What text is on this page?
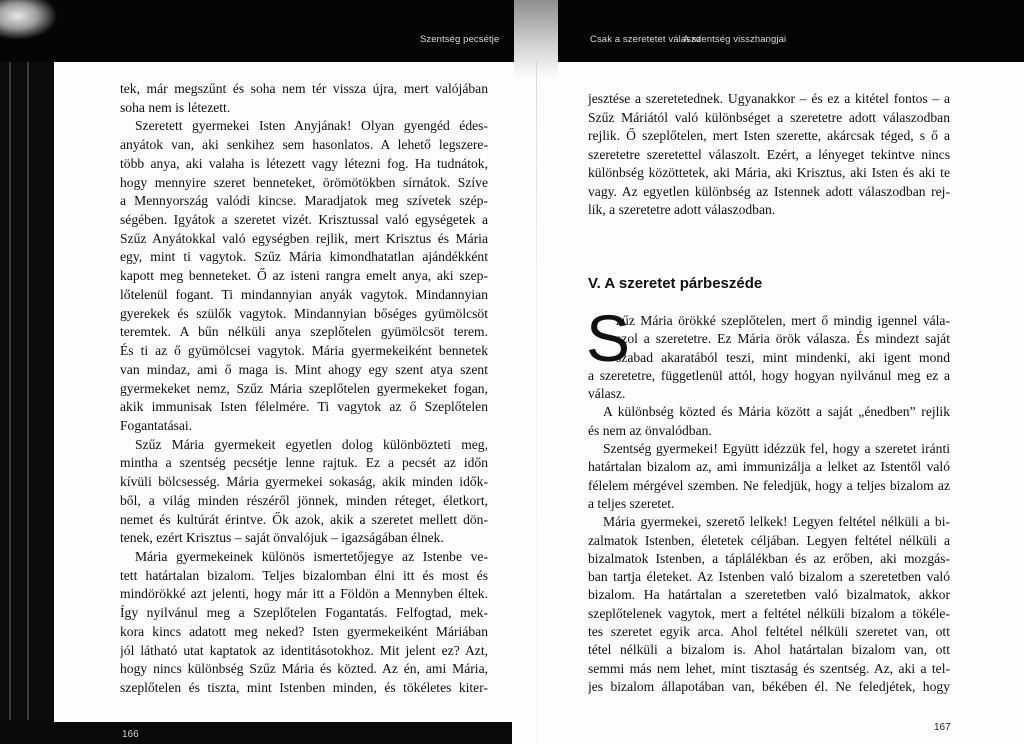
Szentség pecsétje	Csak a szeretetet válaszd
A szentség visszhangjai
tek, már megszűnt és soha nem tér vissza újra, mert valójában
soha nem is létezett.
Szeretett gyermekei Isten Anyjának! Olyan gyengéd édes-
anyátok van, aki senkihez sem hasonlatos. A lehető legszere-
több anya, aki valaha is létezett vagy létezni fog. Ha tudnátok,
hogy mennyire szeret benneteket, örömötökben sírnátok. Szíve
a Mennyország valódi kincse. Maradjatok meg szívetek szép-
ségében. Igyátok a szeretet vizét. Krisztussal való egységetek a
Szűz Anyátokkal való egységben rejlik, mert Krisztus és Mária
egy, mint ti vagytok. Szűz Mária kimondhatatlan ajándékként
kapott meg benneteket. Ő az isteni rangra emelt anya, aki szep-
lőtelenül fogant. Ti mindannyian anyák vagytok. Mindannyian
gyerekek és szülők vagytok. Mindannyian bőséges gyümölcsöt
teremtek. A bűn nélküli anya szeplőtelen gyümölcsöt terem.
És ti az ő gyümölcsei vagytok. Mária gyermekeiként bennetek
van mindaz, ami ő maga is. Mint ahogy egy szent atya szent
gyermekeket nemz, Szűz Mária szeplőtelen gyermekeket fogan,
akik immunisak Isten félelmére. Ti vagytok az ő Szeplőtelen
Fogantatásai.
Szűz Mária gyermekeit egyetlen dolog különbözteti meg,
mintha a szentség pecsétje lenne rajtuk. Ez a pecsét az időn
kívüli bölcsesség. Mária gyermekei sokaság, akik minden idők-
ből, a világ minden részéről jönnek, minden réteget, életkort,
nemet és kultúrát érintve. Ők azok, akik a szeretet mellett dön-
tenek, ezért Krisztus – saját önvalójuk – igazságában élnek.
Mária gyermekeinek különös ismertetőjegye az Istenbe ve-
tett határtalan bizalom. Teljes bizalomban élni itt és most és
mindörökké azt jelenti, hogy már itt a Földön a Mennyben éltek.
Így nyilvánul meg a Szeplőtelen Fogantatás. Felfogtad, mek-
kora kincs adatott meg neked? Isten gyermekeiként Máriában
jól látható utat kaptatok az identitásotokhoz. Mit jelent ez? Azt,
hogy nincs különbség Szűz Mária és közted. Az én, ami Mária,
szeplőtelen és tiszta, mint Istenben minden, és tökéletes kiter-
166
jesztése a szeretetednek. Ugyanakkor – és ez a kitétel fontos – a
Szűz Máriától való különbséget a szeretetre adott válaszodban
rejlik. Ő szeplőtelen, mert Isten szerette, akárcsak téged, s ő a
szeretetre szeretettel válaszolt. Ezért, a lényeget tekintve nincs
különbség közöttetek, aki Mária, aki Krisztus, aki Isten és aki te
vagy. Az egyetlen különbség az Istennek adott válaszodban rej-
lik, a szeretetre adott válaszodban.
V. A szeretet párbeszéde
S
zűz Mária örökké szeplőtelen, mert ő mindig igennel vála-
szol a szeretetre. Ez Mária örök válasza. És mindezt saját
szabad akaratából teszi, mint mindenki, aki igent mond
a szeretetre, függetlenül attól, hogy hogyan nyilvánul meg ez a
válasz.
A különbség közted és Mária között a saját „énedben” rejlik
és nem az önvalódban.
Szentség gyermekei! Együtt idézzük fel, hogy a szeretet iránti
határtalan bizalom az, ami immunizálja a lelket az Istentől való
félelem mérgével szemben. Ne feledjük, hogy a teljes bizalom az
a teljes szeretet.
Mária gyermekei, szerető lelkek! Legyen feltétel nélküli a bi-
zalmatok Istenben, életetek céljában. Legyen feltétel nélküli a
bizalmatok Istenben, a táplálékban és az erőben, aki mozgás-
ban tartja életeket. Az Istenben való bizalom a szeretetben való
bizalom. Ha határtalan a szeretetben való bizalmatok, akkor
szeplőtelenek vagytok, mert a feltétel nélküli bizalom a tökéle-
tes szeretet egyik arca. Ahol feltétel nélküli szeretet van, ott
tétel nélküli a bizalom is. Ahol határtalan bizalom van, ott
semmi más nem lehet, mint tisztaság és szentség. Az, aki a tel-
jes bizalom állapotában van, békében él. Ne feledjétek, hogy
167
